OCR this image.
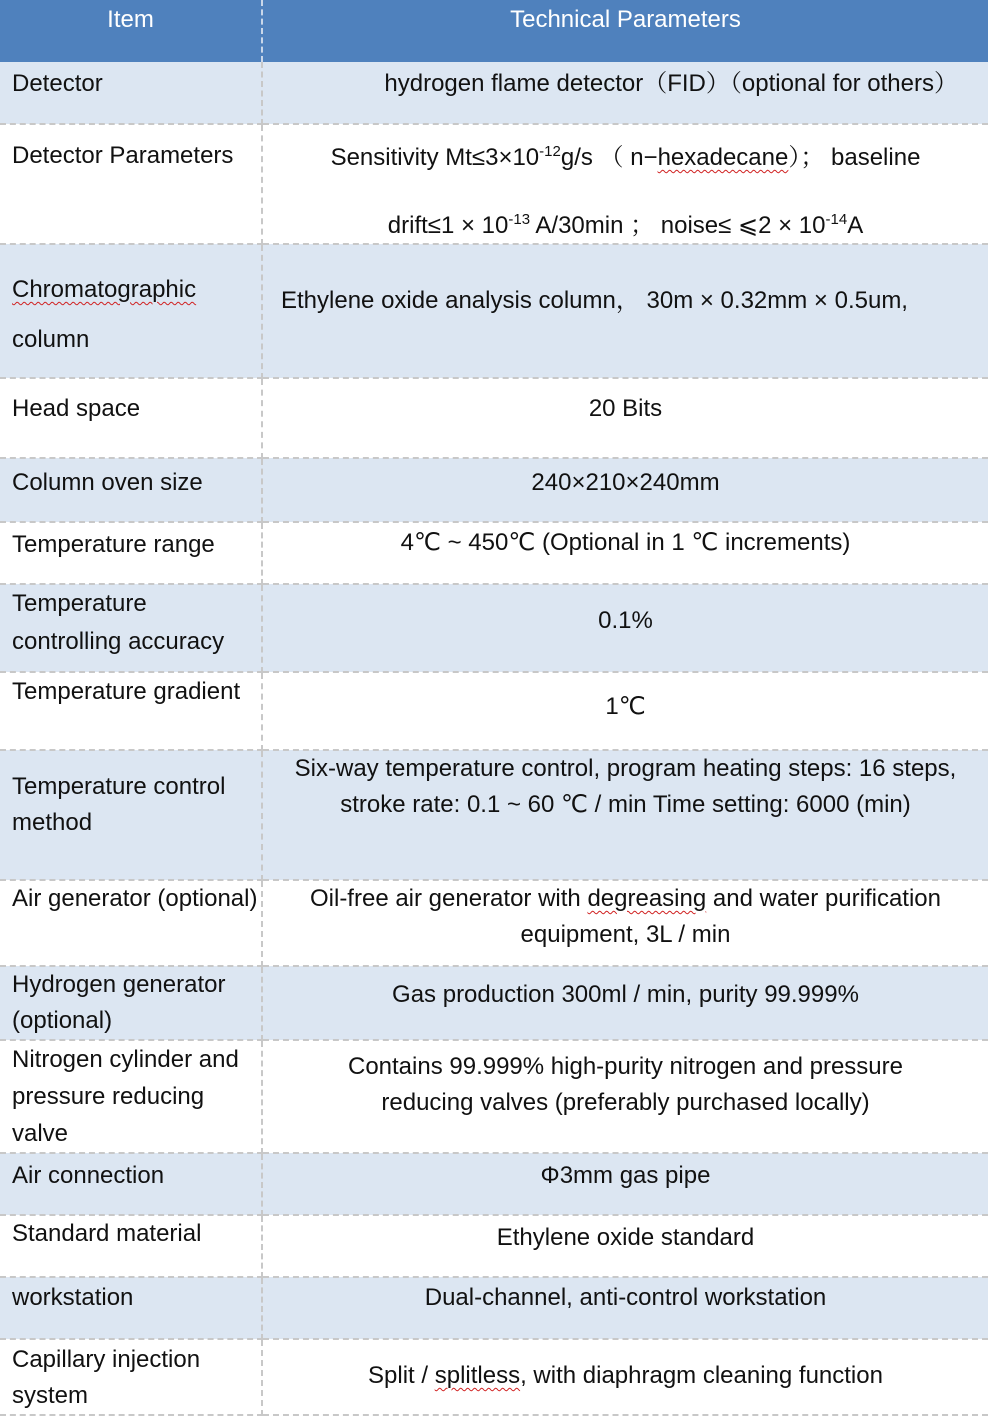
Item	Technical Parameters
Detector	hydrogen flame detector（FID）（optional for others）
Detector Parameters	Sensitivity $Mt\le 3\times 10^{-12}g/s$ （ n−hexadecane）； baseline
drift≤1 × $10^{-13}$ A/30min ； noise≤ ⩽2 × $10^{-14}A$

Chromatographic
column	Ethylene oxide analysis column， 30m × 0.32mm × 0.5um,
Head space	20 Bits
Column oven size	240×210×240mm
Temperature range	4℃ ~ 450℃ (Optional in 1 ℃ increments)
Temperature controlling accuracy	0.1%
Temperature gradient	1℃
Temperature control method	Six-way temperature control, program heating steps: 16 steps, stroke rate: 0.1 ~ 60 ℃ / min Time setting: 6000 (min)
Air generator (optional)	Oil-free air generator with degreasing and water purification equipment, 3L / min
Hydrogen generator (optional)	Gas production 300ml / min, purity 99.999%
Nitrogen cylinder and pressure reducing valve	Contains 99.999% high-purity nitrogen and pressure reducing valves (preferably purchased locally)
Air connection	Φ3mm gas pipe
Standard material	Ethylene oxide standard
workstation	Dual-channel, anti-control workstation
Capillary injection system	Split / splitless, with diaphragm cleaning function
